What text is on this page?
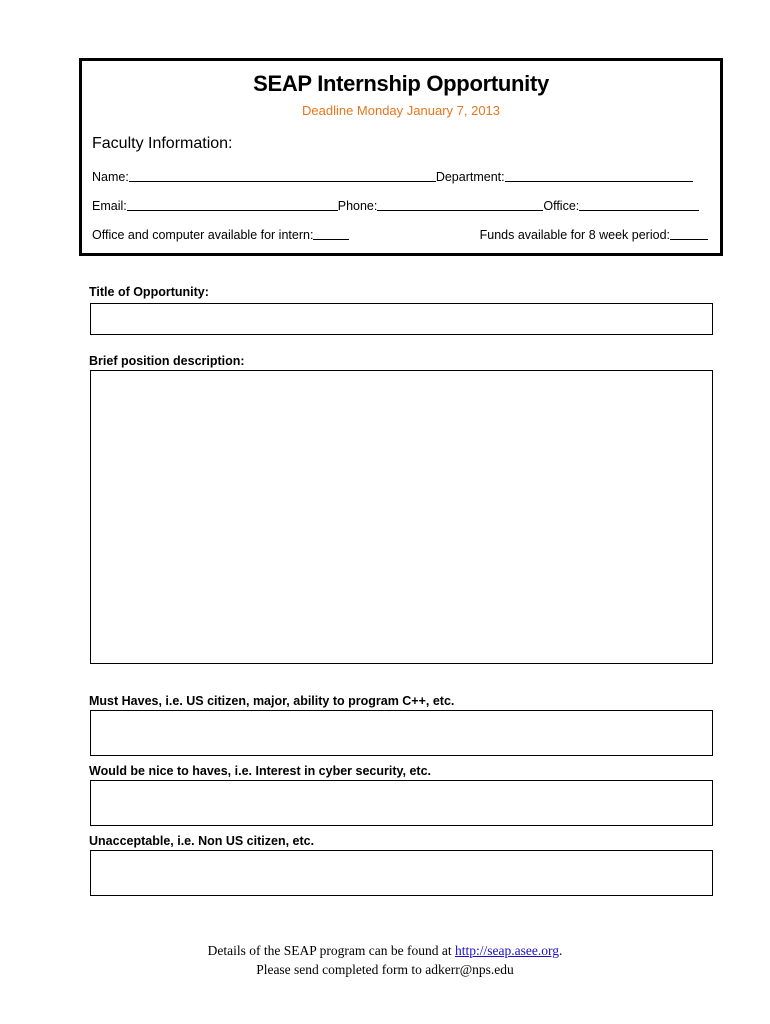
SEAP Internship Opportunity
Deadline Monday January 7, 2013
Faculty Information:
Name:	Department:
Email:	Phone:	Office:
Office and computer available for intern:	Funds available for 8 week period:
Title of Opportunity:
Brief position description:
Must Haves, i.e. US citizen, major, ability to program C++, etc.
Would be nice to haves, i.e. Interest in cyber security, etc.
Unacceptable, i.e. Non US citizen, etc.
Details of the SEAP program can be found at http://seap.asee.org.
Please send completed form to adkerr@nps.edu
